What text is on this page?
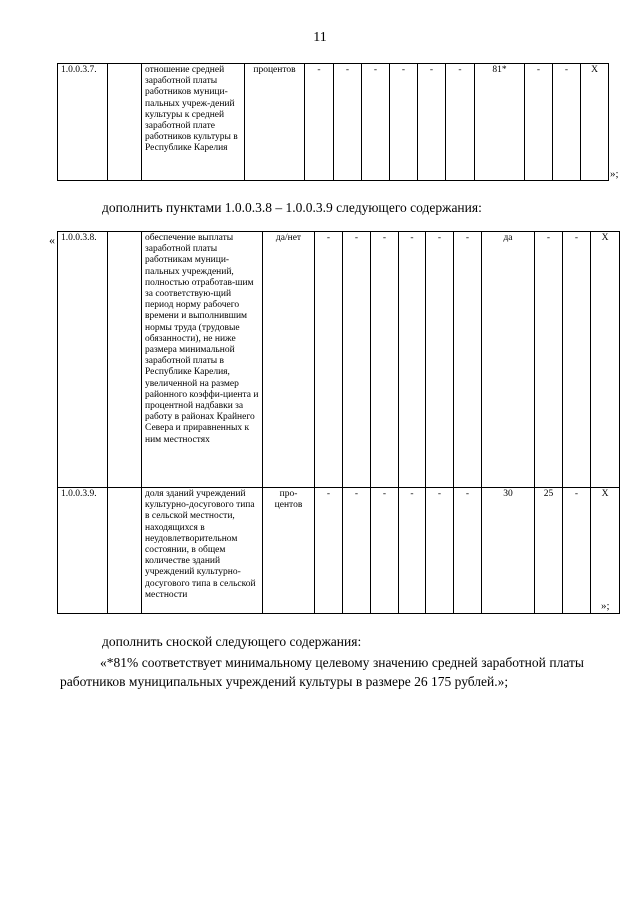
11
1.0.0.3.7.		отношение средней заработной платы работников муници-пальных учреж-дений культуры к средней заработной плате работников культуры в Республике Карелия	процентов	-	-	-	-	-	-	81*	-	-	Х
»;
дополнить пунктами 1.0.0.3.8 – 1.0.0.3.9 следующего содержания:
« 1.0.0.3.8.		обеспечение выплаты заработной платы работникам муници-пальных учреждений, полностью отработав-шим за соответствую-щий период норму рабочего времени и выполнившим нормы труда (трудовые обязанности), не ниже размера минимальной заработной платы в Республике Карелия, увеличенной на размер районного коэффи-циента и процентной надбавки за работу в районах Крайнего Севера и приравненных к ним местностях	да/нет	-	-	-	-	-	-	да	-	-	Х
1.0.0.3.9.		доля зданий учреждений культурно-досугового типа в сельской местности, находящихся в неудовлетворительном состоянии, в общем количестве зданий учреждений культурно-досугового типа в сельской местности	про-центов	-	-	-	-	-	-	30	25	-	Х
»;
дополнить сноской следующего содержания:
«*81% соответствует минимальному целевому значению средней заработной платы работников муниципальных учреждений культуры в размере 26 175 рублей.»;
